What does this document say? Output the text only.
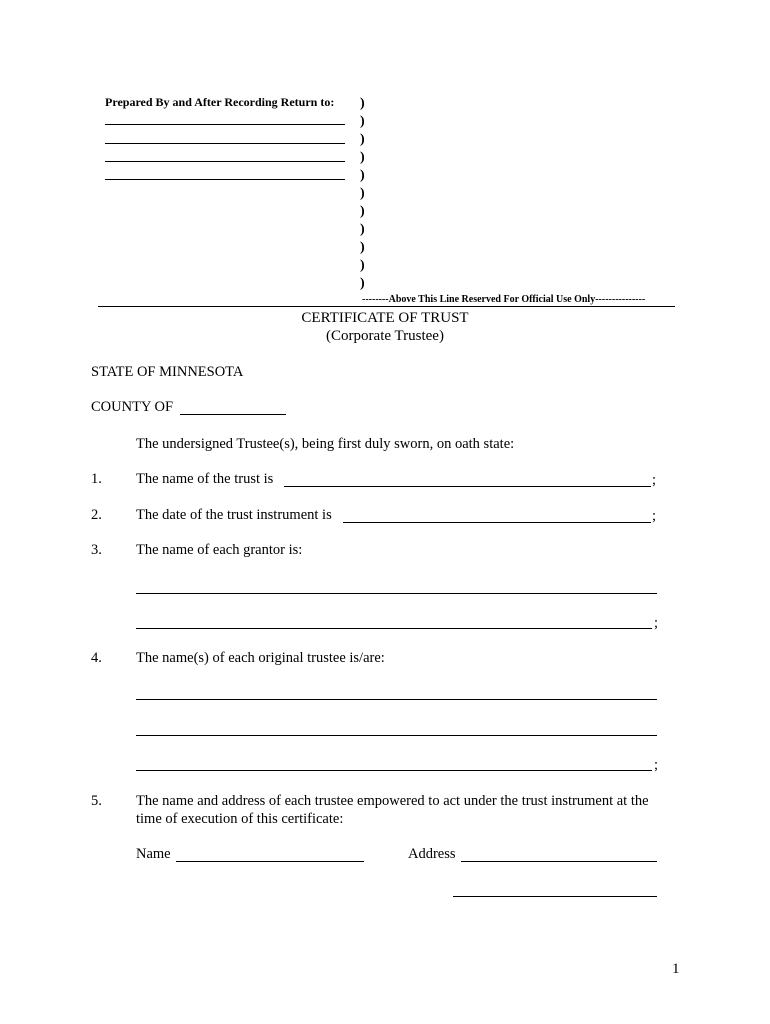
Prepared By and After Recording Return to: )
)
)
)
)
)
)
)
)
)
)
--------Above This Line Reserved For Official Use Only---------------
CERTIFICATE OF TRUST
(Corporate Trustee)
STATE OF MINNESOTA
COUNTY OF
The undersigned Trustee(s), being first duly sworn, on oath state:
1. The name of the trust is	;
2. The date of the trust instrument is	;
3. The name of each grantor is:
;
4. The name(s) of each original trustee is/are:
;
5. The name and address of each trustee empowered to act under the trust instrument at the
time of execution of this certificate:
Name	Address
1
